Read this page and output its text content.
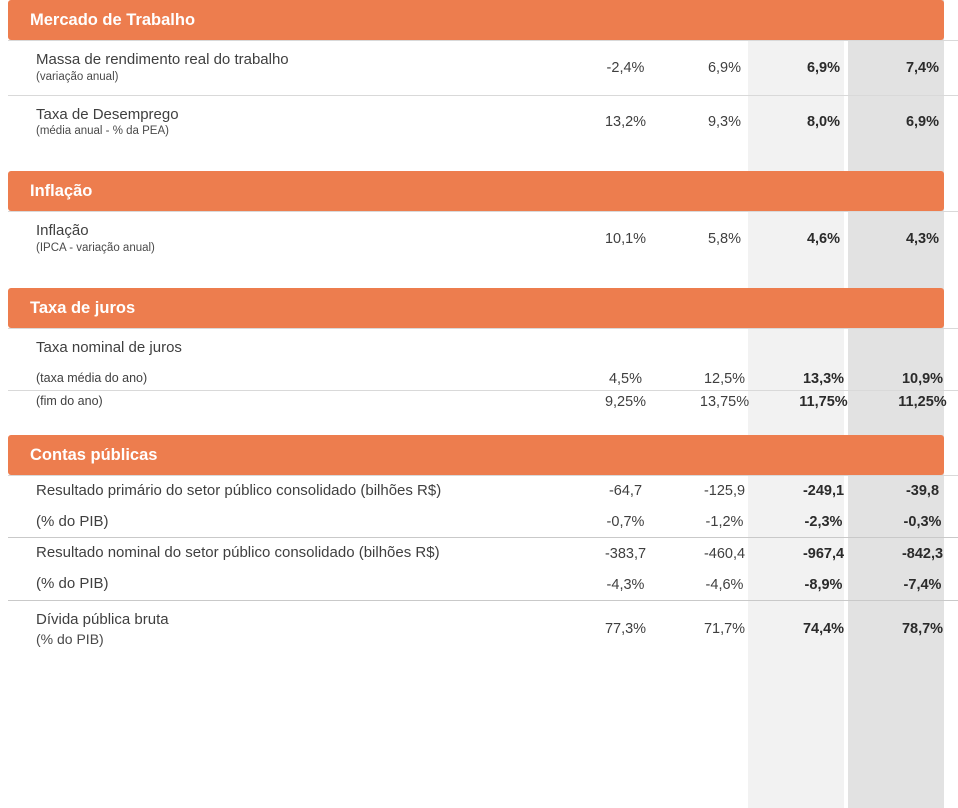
Mercado de Trabalho
Massa de rendimento real do trabalho
(variação anual)	-2,4%	6,9%	6,9%	7,4%
Taxa de Desemprego
(média anual - % da PEA)	13,2%	9,3%	8,0%	6,9%
Inflação
Inflação
(IPCA - variação anual)
	10,1%	5,8%	4,6%	4,3%
Taxa de juros
Taxa nominal de juros				
(taxa média do ano)	4,5%	12,5%	13,3%	10,9%
(fim do ano)	9,25%	13,75%	11,75%	11,25%
Contas públicas
Resultado primário do setor público consolidado (bilhões R$)	-64,7	-125,9	-249,1	-39,8
(% do PIB)	-0,7%	-1,2%	-2,3%	-0,3%
Resultado nominal do setor público consolidado (bilhões R$)	-383,7	-460,4	-967,4	-842,3
(% do PIB)	-4,3%	-4,6%	-8,9%	-7,4%
Dívida pública bruta
(% do PIB)	77,3%	71,7%	74,4%	78,7%
